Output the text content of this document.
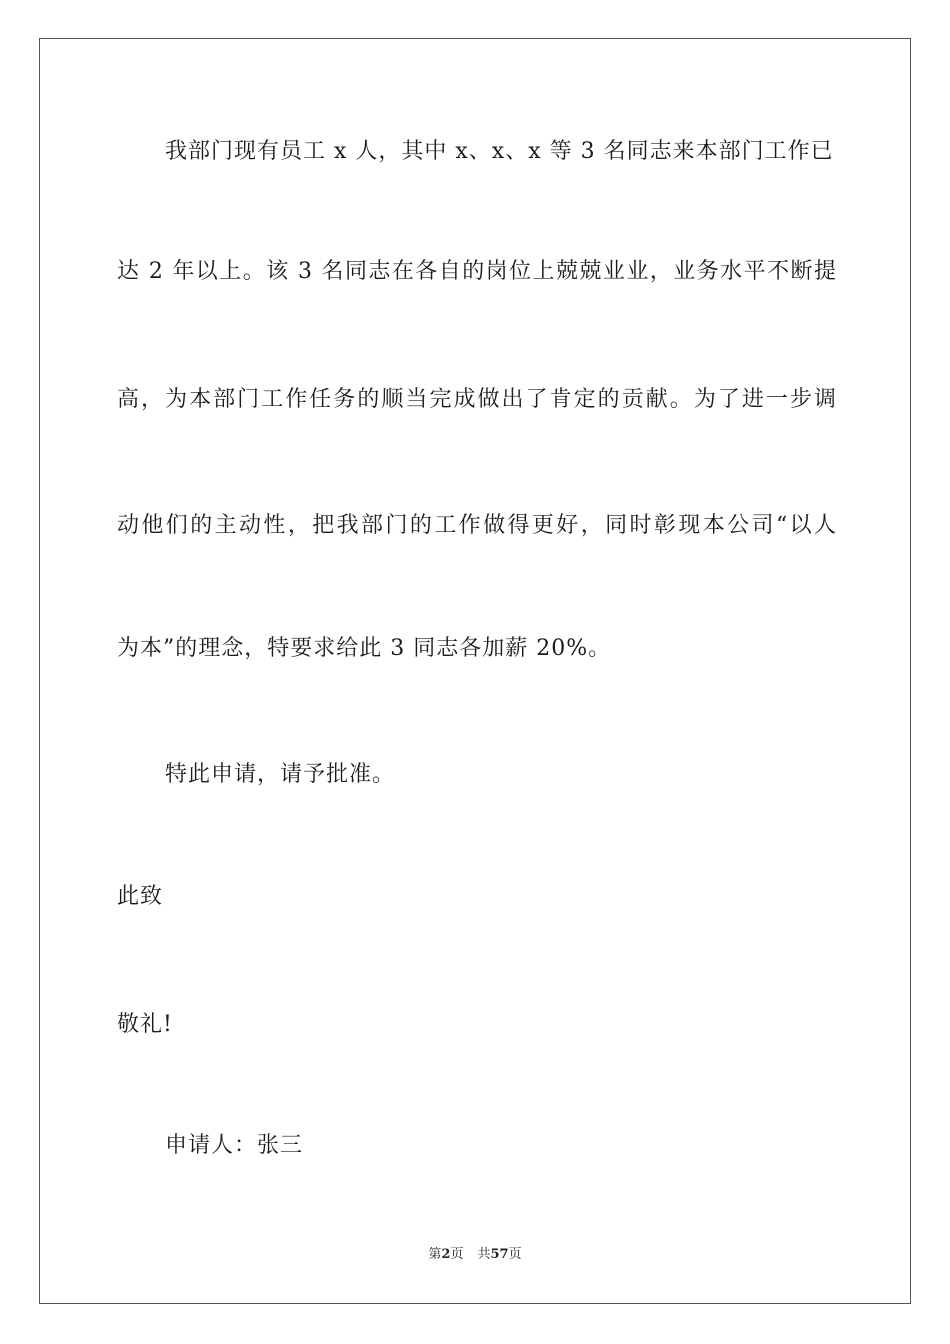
我部门现有员工 x 人，其中 x、x、x 等 3 名同志来本部门工作已
达 2 年以上。该 3 名同志在各自的岗位上兢兢业业，业务水平不断提
高，为本部门工作任务的顺当完成做出了肯定的贡献。为了进一步调
动他们的主动性，把我部门的工作做得更好，同时彰现本公司“以人
为本”的理念，特要求给此 3 同志各加薪 20%。
特此申请，请予批准。
此致
敬礼!
申请人：张三
第2页 共57页
